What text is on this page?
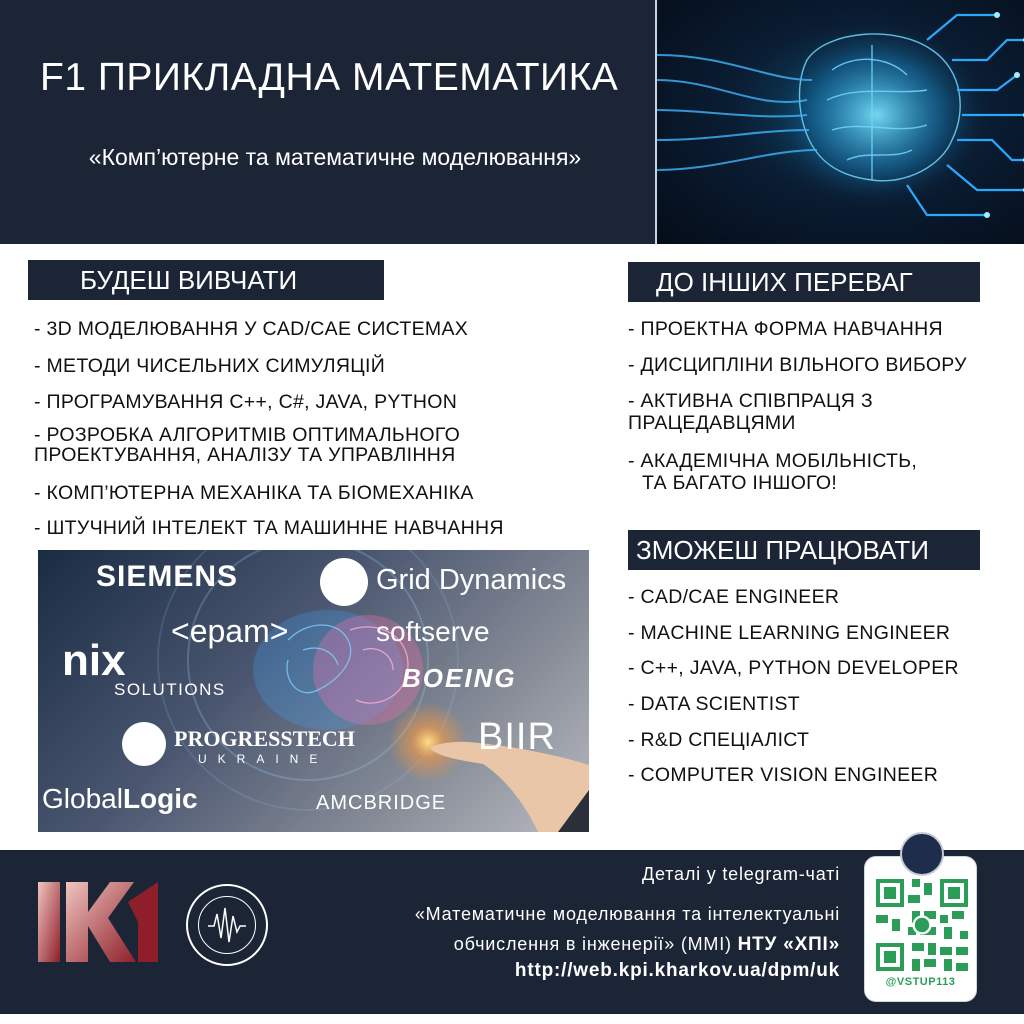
F1 ПРИКЛАДНА МАТЕМАТИКА
«Комп’ютерне та математичне моделювання»
БУДЕШ ВИВЧАТИ
- 3D МОДЕЛЮВАННЯ У CAD/CAE СИСТЕМАХ
- МЕТОДИ ЧИСЕЛЬНИХ СИМУЛЯЦІЙ
- ПРОГРАМУВАННЯ C++, C#, JAVA, PYTHON
- РОЗРОБКА АЛГОРИТМІВ ОПТИМАЛЬНОГО
ПРОЕКТУВАННЯ, АНАЛІЗУ ТА УПРАВЛІННЯ
- КОМП’ЮТЕРНА МЕХАНІКА ТА БІОМЕХАНІКА
- ШТУЧНИЙ ІНТЕЛЕКТ ТА МАШИННЕ НАВЧАННЯ
ДО ІНШИХ ПЕРЕВАГ
- ПРОЕКТНА ФОРМА НАВЧАННЯ
- ДИСЦИПЛІНИ ВІЛЬНОГО ВИБОРУ
- АКТИВНА СПІВПРАЦЯ З
ПРАЦЕДАВЦЯМИ
- АКАДЕМІЧНА МОБІЛЬНІСТЬ,
ТА БАГАТО ІНШОГО!
ЗМОЖЕШ ПРАЦЮВАТИ
- CAD/CAE ENGINEER
- MACHINE LEARNING ENGINEER
- C++, JAVA, PYTHON DEVELOPER
- DATA SCIENTIST
- R&D СПЕЦІАЛІСТ
- COMPUTER VISION ENGINEER
SIEMENS	Grid Dynamics
<epam>	softserve
nix
SOLUTIONS	BOEING
PROGRESSTECH
UKRAINE
BIIR
GlobalLogic	AMCBRIDGE
Деталі у telegram-чаті
«Математичне моделювання та інтелектуальні
обчислення в інженерії» (ММІ) НТУ «ХПІ»
http://web.kpi.kharkov.ua/dpm/uk
@VSTUP113
